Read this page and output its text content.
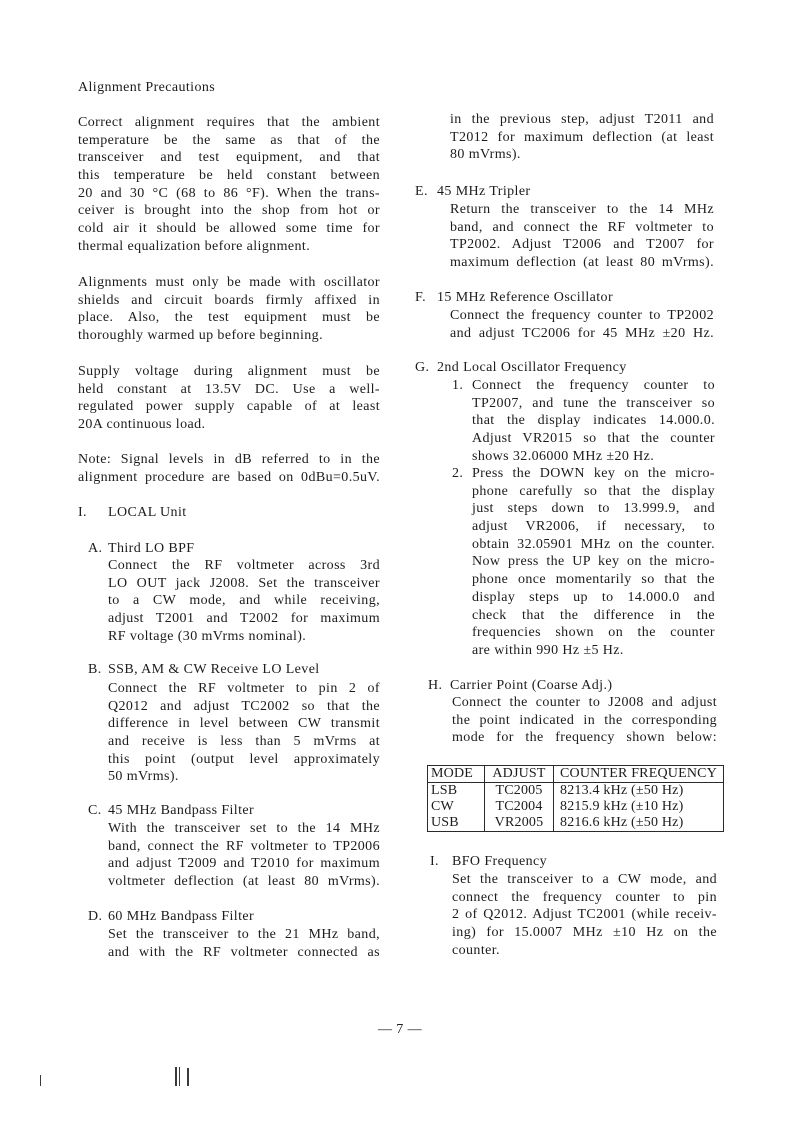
Alignment Precautions
Correct alignment requires that the ambient
temperature be the same as that of the
transceiver and test equipment, and that
this temperature be held constant between
20 and 30 °C (68 to 86 °F). When the trans-
ceiver is brought into the shop from hot or
cold air it should be allowed some time for
thermal equalization before alignment.
Alignments must only be made with oscillator
shields and circuit boards firmly affixed in
place. Also, the test equipment must be
thoroughly warmed up before beginning.
Supply voltage during alignment must be
held constant at 13.5V DC. Use a well-
regulated power supply capable of at least
20A continuous load.
Note: Signal levels in dB referred to in the
alignment procedure are based on 0dBu=0.5uV.
I. LOCAL Unit
A. Third LO BPF
Connect the RF voltmeter across 3rd
LO OUT jack J2008. Set the transceiver
to a CW mode, and while receiving,
adjust T2001 and T2002 for maximum
RF voltage (30 mVrms nominal).
B. SSB, AM & CW Receive LO Level
Connect the RF voltmeter to pin 2 of
Q2012 and adjust TC2002 so that the
difference in level between CW transmit
and receive is less than 5 mVrms at
this point (output level approximately
50 mVrms).
C. 45 MHz Bandpass Filter
With the transceiver set to the 14 MHz
band, connect the RF voltmeter to TP2006
and adjust T2009 and T2010 for maximum
voltmeter deflection (at least 80 mVrms).
D. 60 MHz Bandpass Filter
Set the transceiver to the 21 MHz band,
and with the RF voltmeter connected as
in the previous step, adjust T2011 and
T2012 for maximum deflection (at least
80 mVrms).
E. 45 MHz Tripler
Return the transceiver to the 14 MHz
band, and connect the RF voltmeter to
TP2002. Adjust T2006 and T2007 for
maximum deflection (at least 80 mVrms).
F. 15 MHz Reference Oscillator
Connect the frequency counter to TP2002
and adjust TC2006 for 45 MHz ±20 Hz.
G. 2nd Local Oscillator Frequency
1. Connect the frequency counter to
TP2007, and tune the transceiver so
that the display indicates 14.000.0.
Adjust VR2015 so that the counter
shows 32.06000 MHz ±20 Hz.
2. Press the DOWN key on the micro-
phone carefully so that the display
just steps down to 13.999.9, and
adjust VR2006, if necessary, to
obtain 32.05901 MHz on the counter.
Now press the UP key on the micro-
phone once momentarily so that the
display steps up to 14.000.0 and
check that the difference in the
frequencies shown on the counter
are within 990 Hz ±5 Hz.
H. Carrier Point (Coarse Adj.)
Connect the counter to J2008 and adjust
the point indicated in the corresponding
mode for the frequency shown below:
MODE	ADJUST	COUNTER FREQUENCY
LSB	TC2005	8213.4 kHz (±50 Hz)
CW	TC2004	8215.9 kHz (±10 Hz)
USB	VR2005	8216.6 kHz (±50 Hz)
I. BFO Frequency
Set the transceiver to a CW mode, and
connect the frequency counter to pin
2 of Q2012. Adjust TC2001 (while receiv-
ing) for 15.0007 MHz ±10 Hz on the
counter.
— 7 —
